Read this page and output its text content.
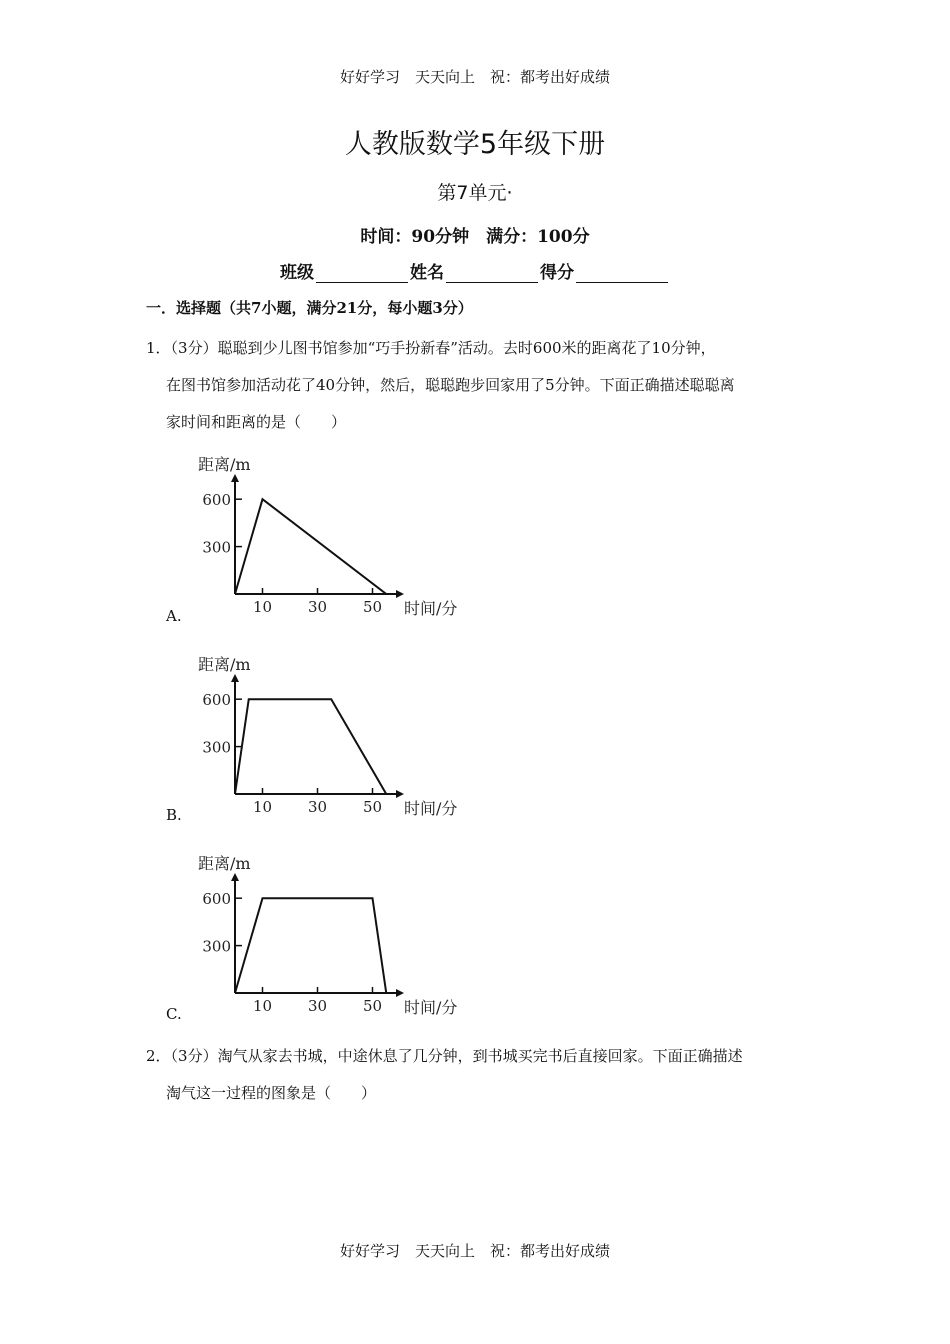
好好学习　天天向上　祝：都考出好成绩
人教版数学5年级下册
第7单元·
时间：90分钟　满分：100分
班级	姓名	得分
一．选择题（共7小题，满分21分，每小题3分）
1．（3分）聪聪到少儿图书馆参加“巧手扮新春”活动。去时600米的距离花了10分钟，
在图书馆参加活动花了40分钟，然后，聪聪跑步回家用了5分钟。下面正确描述聪聪离
家时间和距离的是（　　）
距离/m
时间/分
600
300
10 30 50
A.
距离/m
时间/分
600
300
10 30 50
B.
距离/m
时间/分
600
300
10 30 50
C.
2．（3分）淘气从家去书城，中途休息了几分钟，到书城买完书后直接回家。下面正确描述
淘气这一过程的图象是（　　）
好好学习　天天向上　祝：都考出好成绩
